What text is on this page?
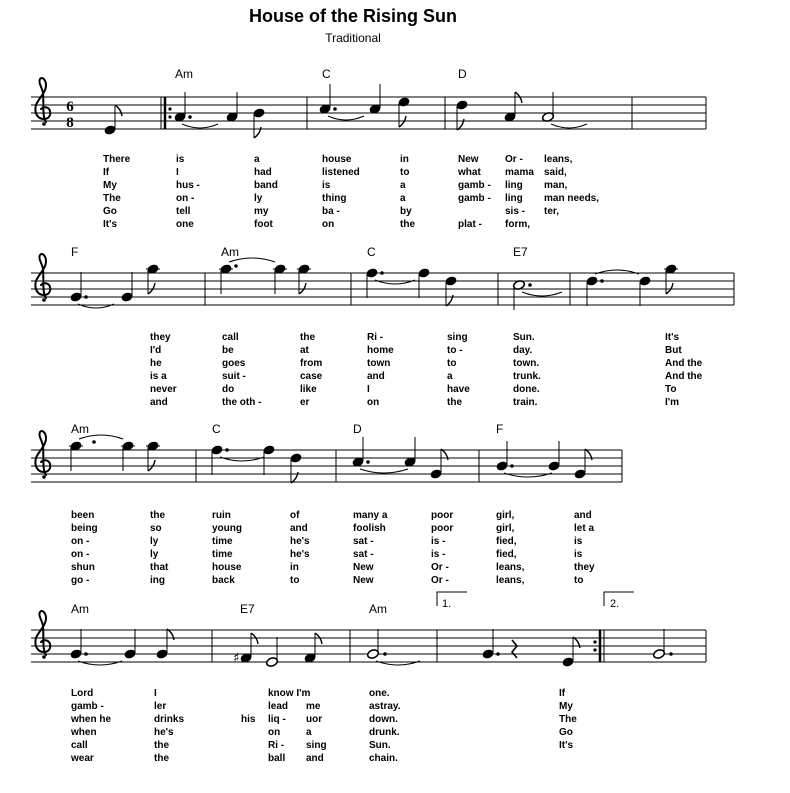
House of the Rising Sun
Traditional
6
8
♯
Am	C	D
There	is	a	house	in	New	Or - leans,
If	I	had	listened	to	what mama said,
My	hus -	band	is	a	gamb - ling man,
The	on -	ly	thing	a	gamb - ling man needs,
Go	tell	my	ba -	by	sis - ter,
It's	one	foot	on	the	plat - form,
F	Am	C	E7
they	call	the	Ri -	sing	Sun.	It's
I'd	be	at	home	to -	day.	But
he	goes	from	town	to	town.	And the
is a	suit -	case	and	a	trunk.	And the
never	do	like	I	have	done.	To
and	the oth -	er	on	the	train.	I'm
Am	C	D	F
been	the	ruin	of	many a	poor	girl,	and
being	so	young	and	foolish	poor	girl,	let a
on -	ly	time	he's	sat -	is -	fied,	is
on -	ly	time	he's	sat -	is -	fied,	is
shun	that	house	in	New	Or -	leans,	they
go -	ing	back	to	New	Or -	leans,	to
Am	E7	Am	1.	2.
Lord	I	know I'm	one.	If
gamb -	ler	lead me	astray.	My
when he	drinks	his liq - uor	down.	The
when	he's	on	a	drunk.	Go
call	the	Ri - sing	Sun.	It's
wear	the	ball and	chain.
